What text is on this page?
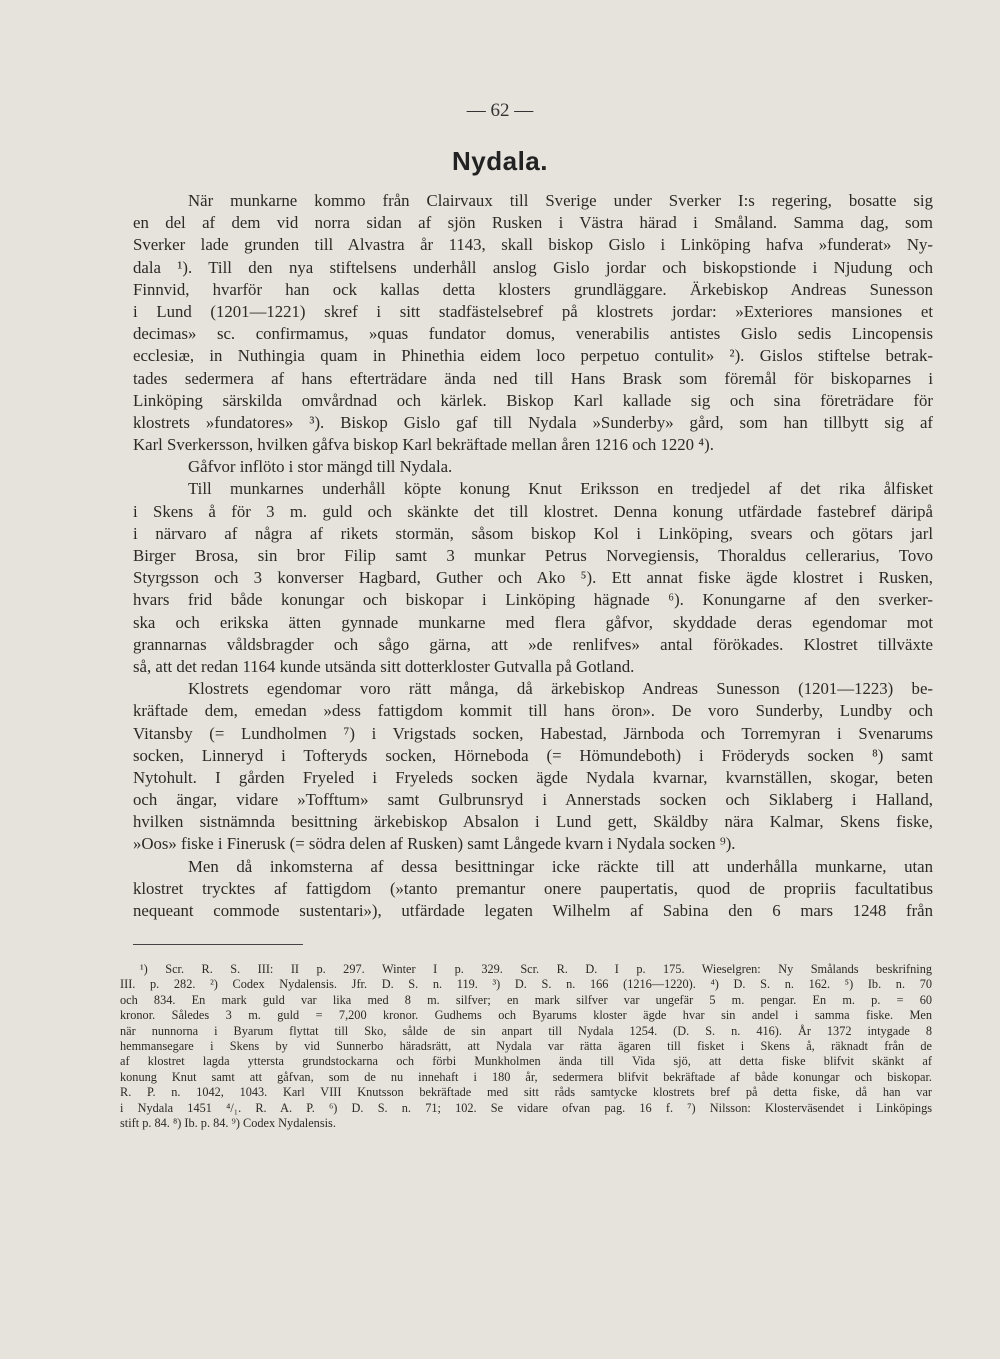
— 62 —
Nydala.
När munkarne kommo från Clairvaux till Sverige under Sverker I:s regering, bosatte sig
en del af dem vid norra sidan af sjön Rusken i Västra härad i Småland. Samma dag, som
Sverker lade grunden till Alvastra år 1143, skall biskop Gislo i Linköping hafva »funderat» Ny-
dala ¹). Till den nya stiftelsens underhåll anslog Gislo jordar och biskopstionde i Njudung och
Finnvid, hvarför han ock kallas detta klosters grundläggare. Ärkebiskop Andreas Sunesson
i Lund (1201—1221) skref i sitt stadfästelsebref på klostrets jordar: »Exteriores mansiones et
decimas» sc. confirmamus, »quas fundator domus, venerabilis antistes Gislo sedis Lincopensis
ecclesiæ, in Nuthingia quam in Phinethia eidem loco perpetuo contulit» ²). Gislos stiftelse betrak-
tades sedermera af hans efterträdare ända ned till Hans Brask som föremål för biskoparnes i
Linköping särskilda omvårdnad och kärlek. Biskop Karl kallade sig och sina företrädare för
klostrets »fundatores» ³). Biskop Gislo gaf till Nydala »Sunderby» gård, som han tillbytt sig af
Karl Sverkersson, hvilken gåfva biskop Karl bekräftade mellan åren 1216 och 1220 ⁴).
Gåfvor inflöto i stor mängd till Nydala.
Till munkarnes underhåll köpte konung Knut Eriksson en tredjedel af det rika ålfisket
i Skens å för 3 m. guld och skänkte det till klostret. Denna konung utfärdade fastebref däripå
i närvaro af några af rikets stormän, såsom biskop Kol i Linköping, svears och götars jarl
Birger Brosa, sin bror Filip samt 3 munkar Petrus Norvegiensis, Thoraldus cellerarius, Tovo
Styrgsson och 3 konverser Hagbard, Guther och Ako ⁵). Ett annat fiske ägde klostret i Rusken,
hvars frid både konungar och biskopar i Linköping hägnade ⁶). Konungarne af den sverker-
ska och erikska ätten gynnade munkarne med flera gåfvor, skyddade deras egendomar mot
grannarnas våldsbragder och sågo gärna, att »de renlifves» antal förökades. Klostret tillväxte
så, att det redan 1164 kunde utsända sitt dotterkloster Gutvalla på Gotland.
Klostrets egendomar voro rätt många, då ärkebiskop Andreas Sunesson (1201—1223) be-
kräftade dem, emedan »dess fattigdom kommit till hans öron». De voro Sunderby, Lundby och
Vitansby (= Lundholmen ⁷) i Vrigstads socken, Habestad, Järnboda och Torremyran i Svenarums
socken, Linneryd i Tofteryds socken, Hörneboda (= Hömundeboth) i Fröderyds socken ⁸) samt
Nytohult. I gården Fryeled i Fryeleds socken ägde Nydala kvarnar, kvarnställen, skogar, beten
och ängar, vidare »Tofftum» samt Gulbrunsryd i Annerstads socken och Siklaberg i Halland,
hvilken sistnämnda besittning ärkebiskop Absalon i Lund gett, Skäldby nära Kalmar, Skens fiske,
»Oos» fiske i Finerusk (= södra delen af Rusken) samt Långede kvarn i Nydala socken ⁹).
Men då inkomsterna af dessa besittningar icke räckte till att underhålla munkarne, utan
klostret trycktes af fattigdom (»tanto premantur onere paupertatis, quod de propriis facultatibus
nequeant commode sustentari»), utfärdade legaten Wilhelm af Sabina den 6 mars 1248 från
¹) Scr. R. S. III: II p. 297. Winter I p. 329. Scr. R. D. I p. 175. Wieselgren: Ny Smålands beskrifning
III. p. 282. ²) Codex Nydalensis. Jfr. D. S. n. 119. ³) D. S. n. 166 (1216—1220). ⁴) D. S. n. 162. ⁵) Ib. n. 70
och 834. En mark guld var lika med 8 m. silfver; en mark silfver var ungefär 5 m. pengar. En m. p. = 60
kronor. Således 3 m. guld = 7,200 kronor. Gudhems och Byarums kloster ägde hvar sin andel i samma fiske. Men
när nunnorna i Byarum flyttat till Sko, sålde de sin anpart till Nydala 1254. (D. S. n. 416). År 1372 intygade 8
hemmansegare i Skens by vid Sunnerbo häradsrätt, att Nydala var rätta ägaren till fisket i Skens å, räknadt från de
af klostret lagda yttersta grundstockarna och förbi Munkholmen ända till Vida sjö, att detta fiske blifvit skänkt af
konung Knut samt att gåfvan, som de nu innehaft i 180 år, sedermera blifvit bekräftade af både konungar och biskopar.
R. P. n. 1042, 1043. Karl VIII Knutsson bekräftade med sitt råds samtycke klostrets bref på detta fiske, då han var
i Nydala 1451 ⁴/₁. R. A. P. ⁶) D. S. n. 71; 102. Se vidare ofvan pag. 16 f. ⁷) Nilsson: Klosterväsendet i Linköpings
stift p. 84. ⁸) Ib. p. 84. ⁹) Codex Nydalensis.
